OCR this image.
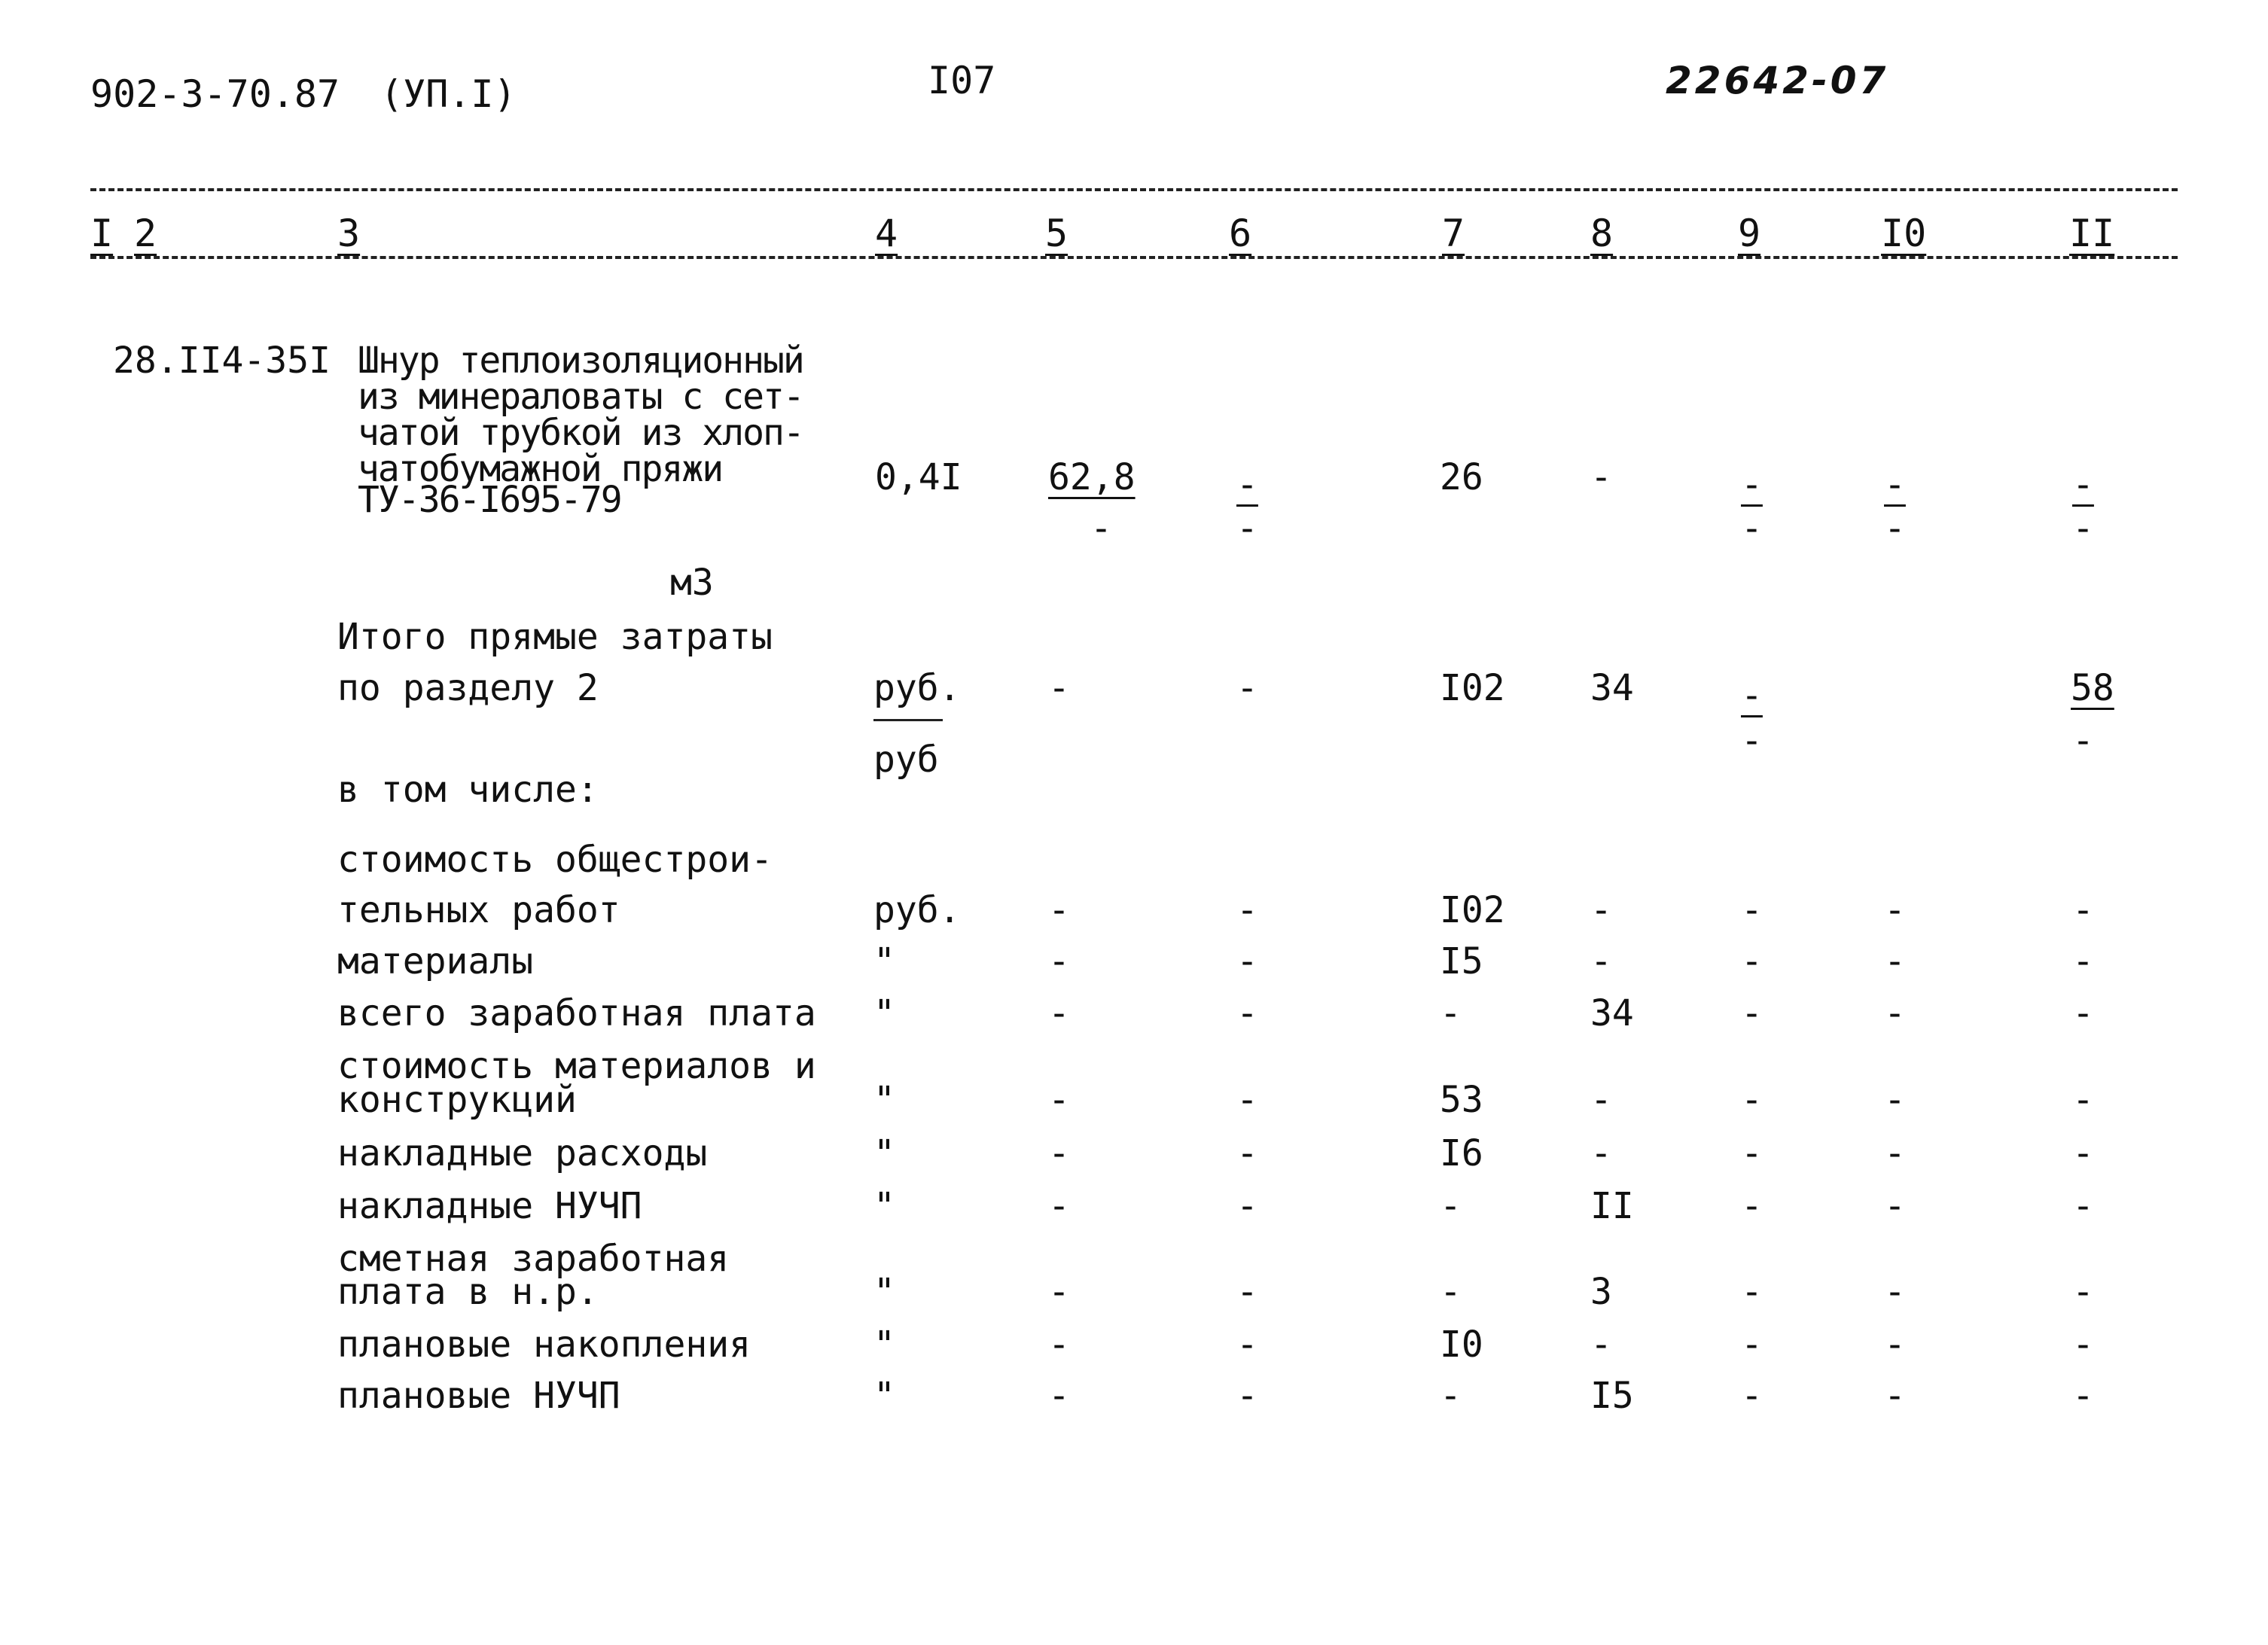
902-3-70.87 (УП.I)	I07	22642-07
I 2	3	4	5	6	7	8	9	I0	II
28.II4-35I Шнур теплоизоляционный
из минераловаты с сет-
чатой трубкой из хлоп-
чатобумажной пряжи
ТУ-36-I695-79
м3
0,4I 62,8
-
-
-
26	-	-
-
-
-
-
-
Итого прямые затраты
по разделу 2	руб.
руб
-	-	I02 34	-
-
58
-
в том числе:
стоимость общестрои-
тельных работ	руб. -	-	I02 -	-	-	-
материалы	"	-	-	I5	-	-	-	-
всего заработная плата "	-	-	-	34	-	-	-
стоимость материалов и
конструкций	"	-	-	53	-	-	-	-
накладные расходы	"	-	-	I6	-	-	-	-
накладные НУЧП	"	-	-	-	II	-	-	-
сметная заработная
плата в н.р.	"	-	-	-	3	-	-	-
плановые накопления	"	-	-	I0	-	-	-	-
плановые НУЧП	"	-	-	-	I5	-	-	-
